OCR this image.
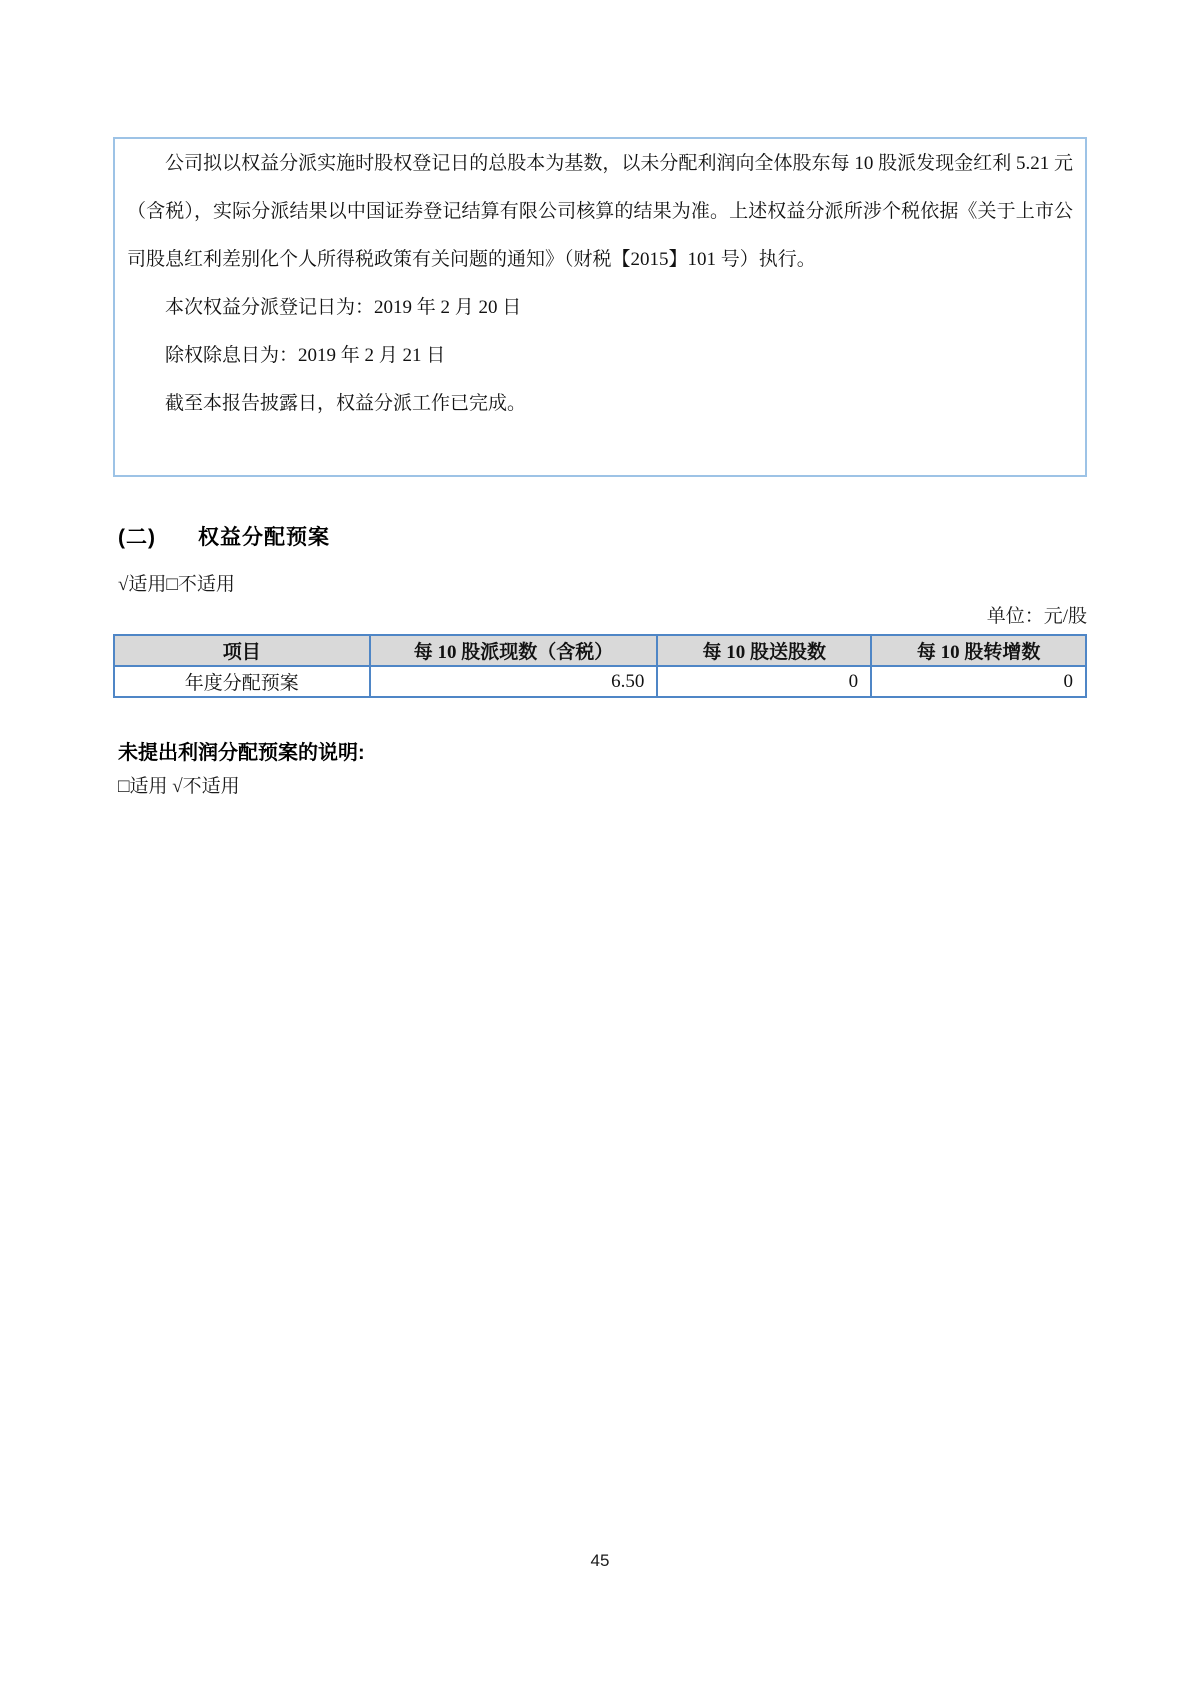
公司拟以权益分派实施时股权登记日的总股本为基数，以未分配利润向全体股东每 10 股派发现金红利 5.21 元（含税），实际分派结果以中国证券登记结算有限公司核算的结果为准。上述权益分派所涉个税依据《关于上市公司股息红利差别化个人所得税政策有关问题的通知》（财税【2015】101 号）执行。

本次权益分派登记日为：2019 年 2 月 20 日

除权除息日为：2019 年 2 月 21 日

截至本报告披露日，权益分派工作已完成。

(二) 权益分配预案

√适用□不适用

单位：元/股

项目	每 10 股派现数（含税）	每 10 股送股数	每 10 股转增数
年度分配预案	6.50	0	0
未提出利润分配预案的说明:

□适用 √不适用

45
